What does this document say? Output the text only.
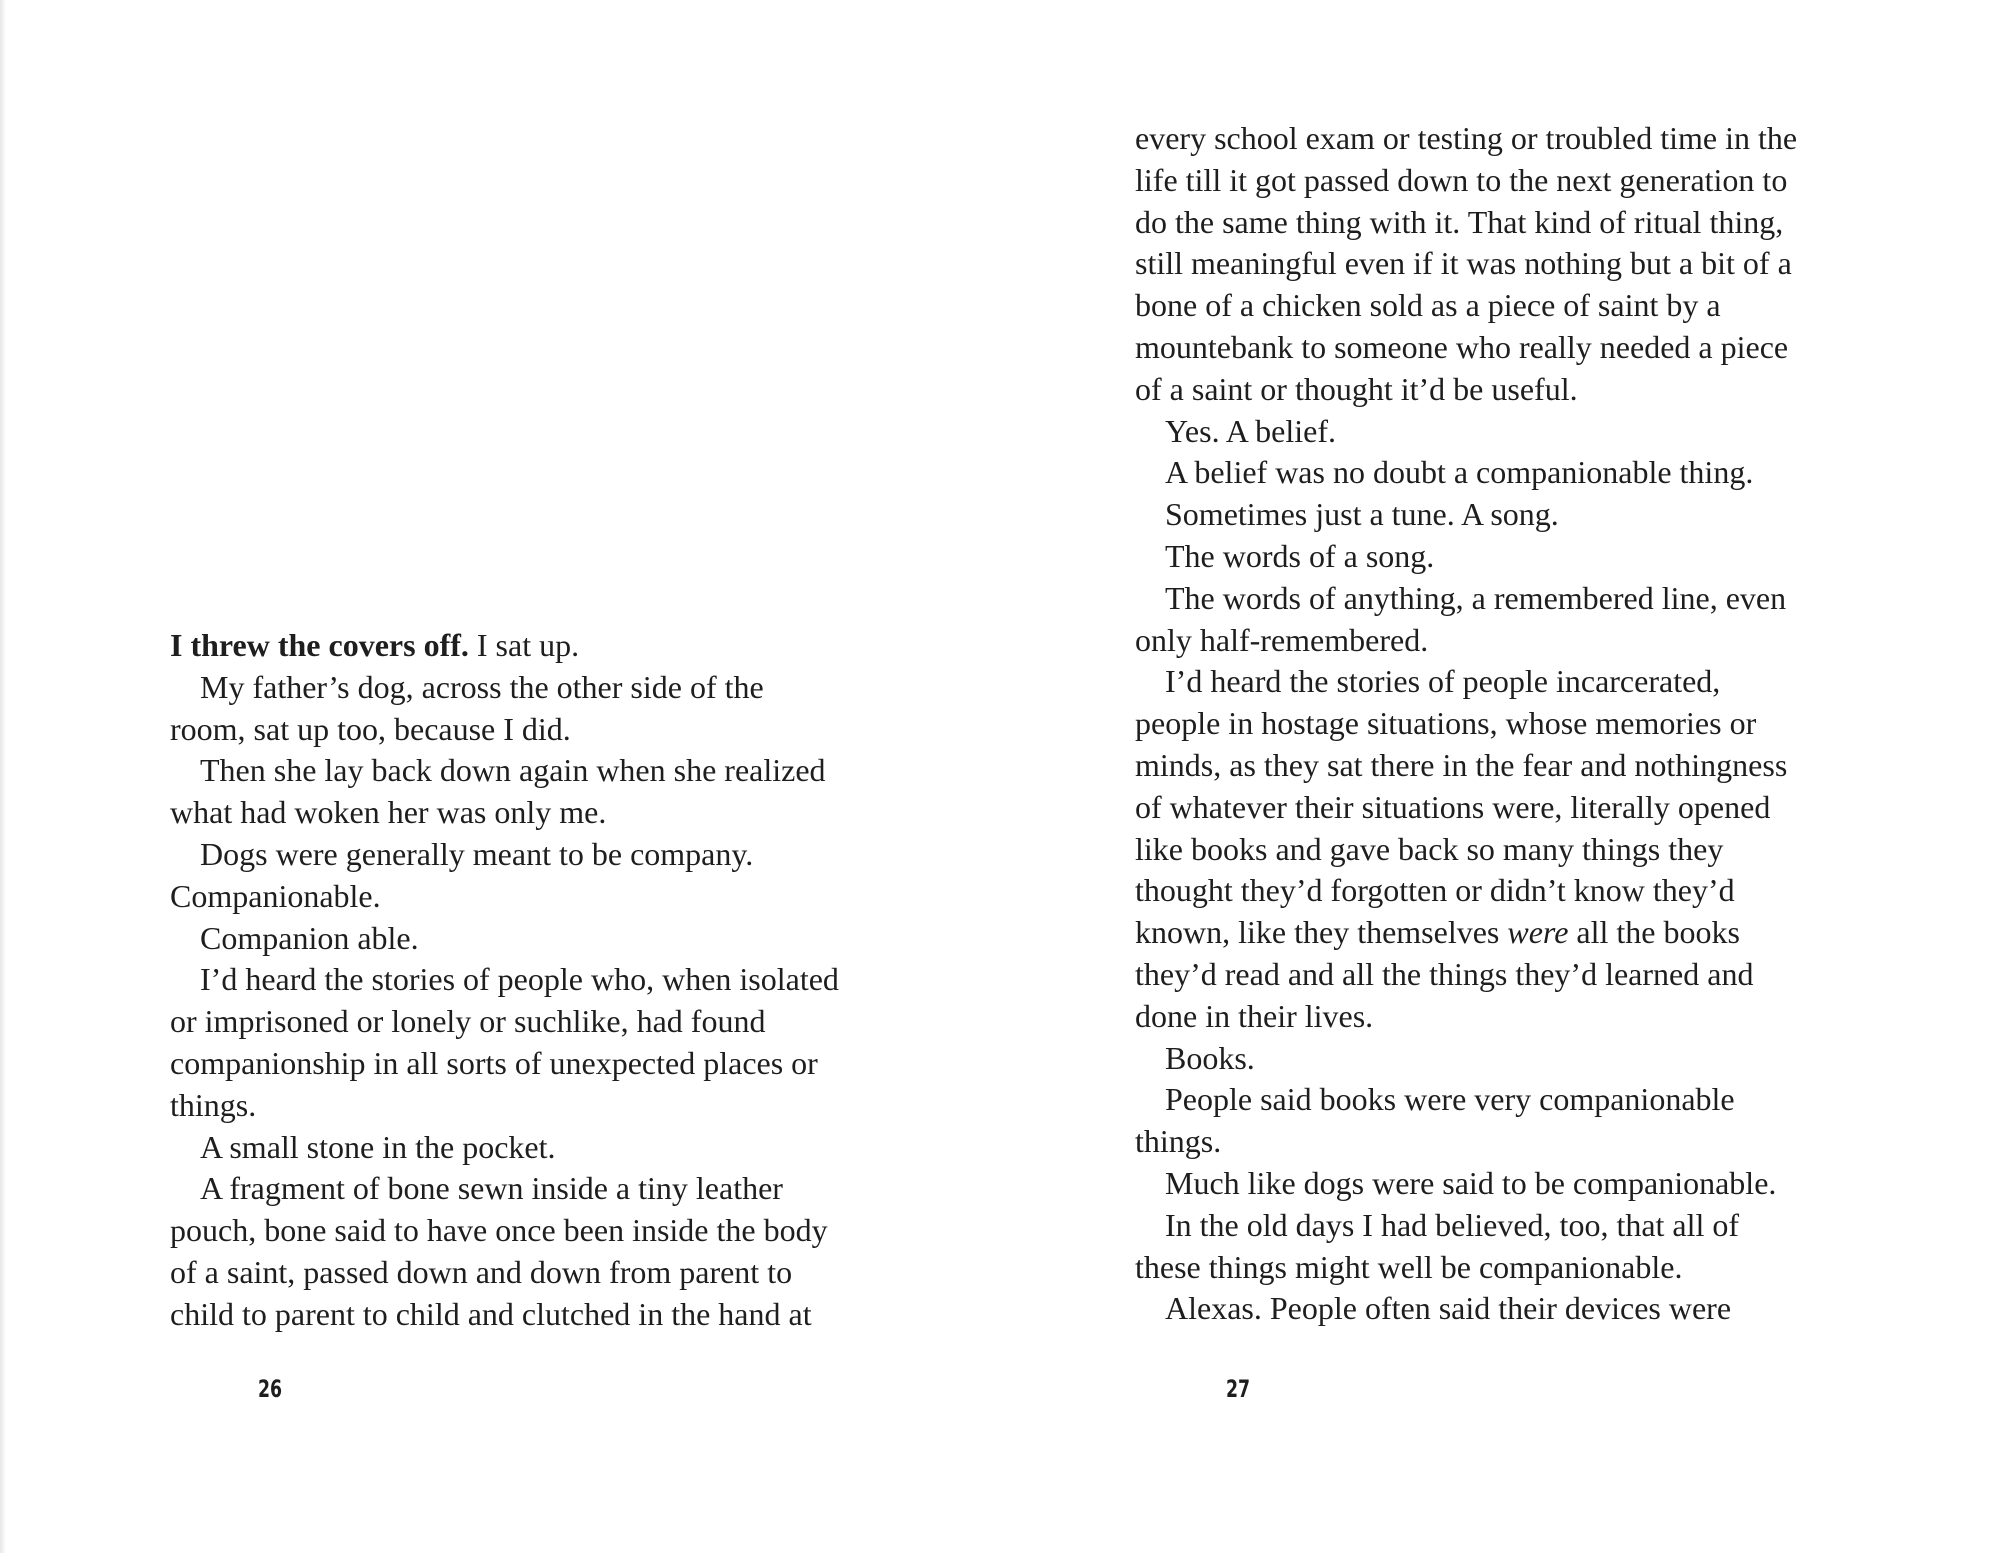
I threw the covers off. I sat up.
My father’s dog, across the other side of the
room, sat up too, because I did.
Then she lay back down again when she realized
what had woken her was only me.
Dogs were generally meant to be company.
Companionable.
Companion able.
I’d heard the stories of people who, when isolated
or imprisoned or lonely or suchlike, had found
companionship in all sorts of unexpected places or
things.
A small stone in the pocket.
A fragment of bone sewn inside a tiny leather
pouch, bone said to have once been inside the body
of a saint, passed down and down from parent to
child to parent to child and clutched in the hand at
26
every school exam or testing or troubled time in the
life till it got passed down to the next generation to
do the same thing with it. That kind of ritual thing,
still meaningful even if it was nothing but a bit of a
bone of a chicken sold as a piece of saint by a
mountebank to someone who really needed a piece
of a saint or thought it’d be useful.
Yes. A belief.
A belief was no doubt a companionable thing.
Sometimes just a tune. A song.
The words of a song.
The words of anything, a remembered line, even
only half-remembered.
I’d heard the stories of people incarcerated,
people in hostage situations, whose memories or
minds, as they sat there in the fear and nothingness
of whatever their situations were, literally opened
like books and gave back so many things they
thought they’d forgotten or didn’t know they’d
known, like they themselves were all the books
they’d read and all the things they’d learned and
done in their lives.
Books.
People said books were very companionable
things.
Much like dogs were said to be companionable.
In the old days I had believed, too, that all of
these things might well be companionable.
Alexas. People often said their devices were
27
